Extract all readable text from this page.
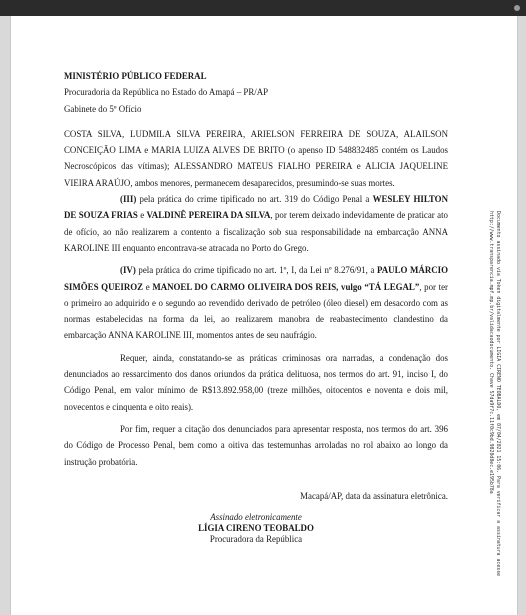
MINISTÉRIO PÚBLICO FEDERAL
Procuradoria da República no Estado do Amapá – PR/AP
Gabinete do 5º Ofício

COSTA SILVA, LUDMILA SILVA PEREIRA, ARIELSON FERREIRA DE SOUZA, ALAILSON CONCEIÇÃO LIMA e MARIA LUIZA ALVES DE BRITO (o apenso ID 548832485 contém os Laudos Necroscópicos das vítimas); ALESSANDRO MATEUS FIALHO PEREIRA e ALICIA JAQUELINE VIEIRA ARAÚJO, ambos menores, permanecem desaparecidos, presumindo-se suas mortes.

(III) pela prática do crime tipificado no art. 319 do Código Penal a WESLEY HILTON DE SOUZA FRIAS e VALDINÊ PEREIRA DA SILVA, por terem deixado indevidamente de praticar ato de ofício, ao não realizarem a contento a fiscalização sob sua responsabilidade na embarcação ANNA KAROLINE III enquanto encontrava-se atracada no Porto do Grego.

(IV) pela prática do crime tipificado no art. 1º, I, da Lei nº 8.276/91, a PAULO MÁRCIO SIMÕES QUEIROZ e MANOEL DO CARMO OLIVEIRA DOS REIS, vulgo “TÁ LEGAL”, por ter o primeiro ao adquirido e o segundo ao revendido derivado de petróleo (óleo diesel) em desacordo com as normas estabelecidas na forma da lei, ao realizarem manobra de reabastecimento clandestino da embarcação ANNA KAROLINE III, momentos antes de seu naufrágio.

Requer, ainda, constatando-se as práticas criminosas ora narradas, a condenação dos denunciados ao ressarcimento dos danos oriundos da prática delituosa, nos termos do art. 91, inciso I, do Código Penal, em valor mínimo de R$13.892.958,00 (treze milhões, oitocentos e noventa e dois mil, novecentos e cinquenta e oito reais).

Por fim, requer a citação dos denunciados para apresentar resposta, nos termos do art. 396 do Código de Processo Penal, bem como a oitiva das testemunhas arroladas no rol abaixo ao longo da instrução probatória.

Macapá/AP, data da assinatura eletrônica.
Assinado eletronicamente
LÍGIA CIRENO TEOBALDO
Procuradora da República	Documento assinado via Token digitalmente por LIGIA CIRENO TEOBALDO, em 07/04/2021 15:06. Para verificar a assinatura acesse
http://www.transparencia.mpf.mp.br/validacaodocumento. Chave 57da9f7c.11f0c9bd.9820d8ec.e195b78a
